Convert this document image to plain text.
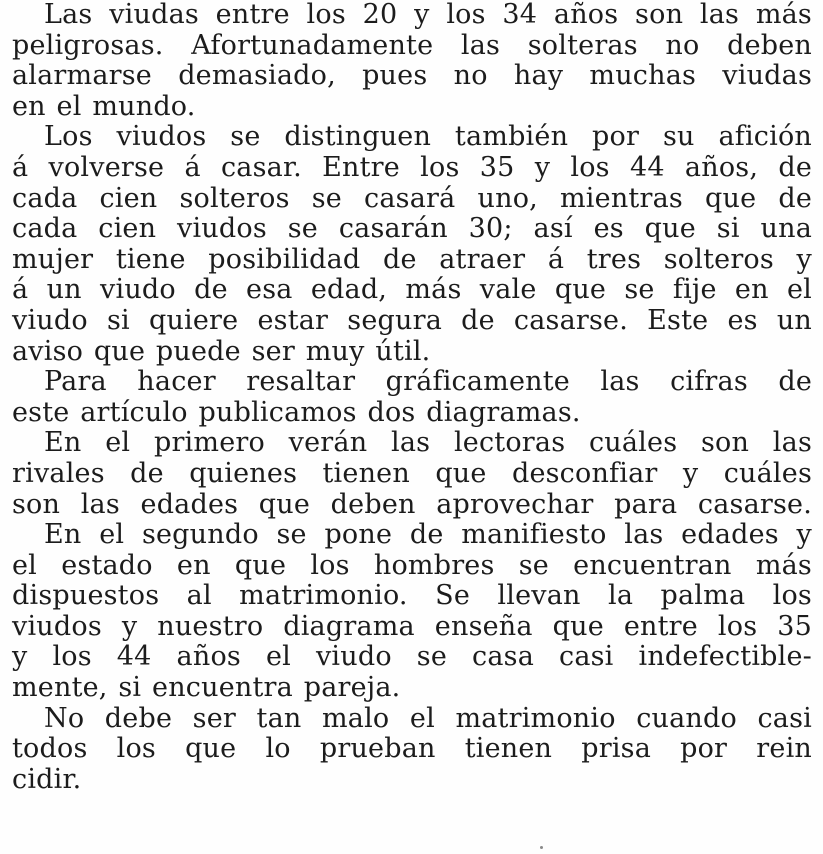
Las viudas entre los 20 y los 34 años son las más
peligrosas. Afortunadamente las solteras no deben
alarmarse demasiado, pues no hay muchas viudas
en el mundo.
Los viudos se distinguen también por su afición
á volverse á casar. Entre los 35 y los 44 años, de
cada cien solteros se casará uno, mientras que de
cada cien viudos se casarán 30; así es que si una
mujer tiene posibilidad de atraer á tres solteros y
á un viudo de esa edad, más vale que se fije en el
viudo si quiere estar segura de casarse. Este es un
aviso que puede ser muy útil.
Para hacer resaltar gráficamente las cifras de
este artículo publicamos dos diagramas.
En el primero verán las lectoras cuáles son las
rivales de quienes tienen que desconfiar y cuáles
son las edades que deben aprovechar para casarse.
En el segundo se pone de manifiesto las edades y
el estado en que los hombres se encuentran más
dispuestos al matrimonio. Se llevan la palma los
viudos y nuestro diagrama enseña que entre los 35
y los 44 años el viudo se casa casi indefectible-
mente, si encuentra pareja.
No debe ser tan malo el matrimonio cuando casi
todos los que lo prueban tienen prisa por rein
cidir.
